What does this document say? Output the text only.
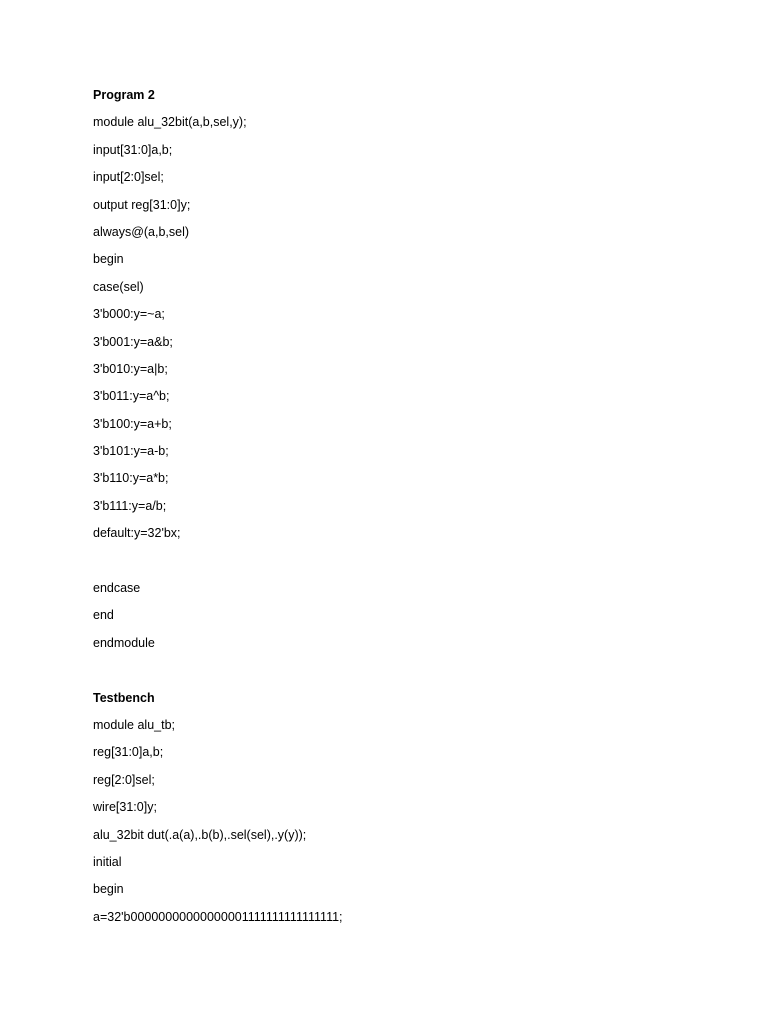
Program 2
module alu_32bit(a,b,sel,y);
input[31:0]a,b;
input[2:0]sel;
output reg[31:0]y;
always@(a,b,sel)
begin
case(sel)
3'b000:y=~a;
3'b001:y=a&b;
3'b010:y=a|b;
3'b011:y=a^b;
3'b100:y=a+b;
3'b101:y=a-b;
3'b110:y=a*b;
3'b111:y=a/b;
default:y=32'bx;
endcase
end
endmodule
Testbench
module alu_tb;
reg[31:0]a,b;
reg[2:0]sel;
wire[31:0]y;
alu_32bit dut(.a(a),.b(b),.sel(sel),.y(y));
initial
begin
a=32'b00000000000000001111111111111111;
